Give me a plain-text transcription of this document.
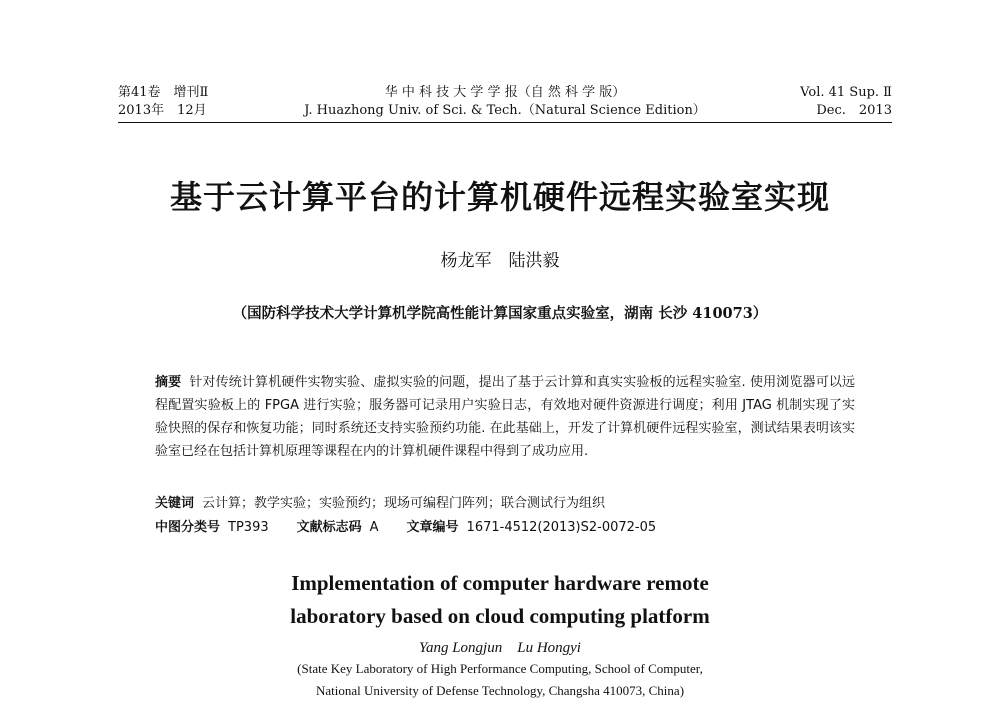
第41卷　增刊Ⅱ	华 中 科 技 大 学 学 报（自 然 科 学 版）	Vol. 41 Sup. Ⅱ
2013年　12月	J. Huazhong Univ. of Sci. & Tech.（Natural Science Edition）	Dec.　2013
基于云计算平台的计算机硬件远程实验室实现
杨龙军　陆洪毅
（国防科学技术大学计算机学院高性能计算国家重点实验室，湖南 长沙 410073）
摘要 针对传统计算机硬件实物实验、虚拟实验的问题，提出了基于云计算和真实实验板的远程实验室. 使用浏览器可以远程配置实验板上的 FPGA 进行实验；服务器可记录用户实验日志，有效地对硬件资源进行调度；利用 JTAG 机制实现了实验快照的保存和恢复功能；同时系统还支持实验预约功能. 在此基础上，开发了计算机硬件远程实验室，测试结果表明该实验室已经在包括计算机原理等课程在内的计算机硬件课程中得到了成功应用.
关键词 云计算；教学实验；实验预约；现场可编程门阵列；联合测试行为组织
中图分类号 TP393 文献标志码 A 文章编号 1671-4512(2013)S2-0072-05
Implementation of computer hardware remote
laboratory based on cloud computing platform
Yang Longjun　Lu Hongyi
(State Key Laboratory of High Performance Computing, School of Computer,
National University of Defense Technology, Changsha 410073, China)
